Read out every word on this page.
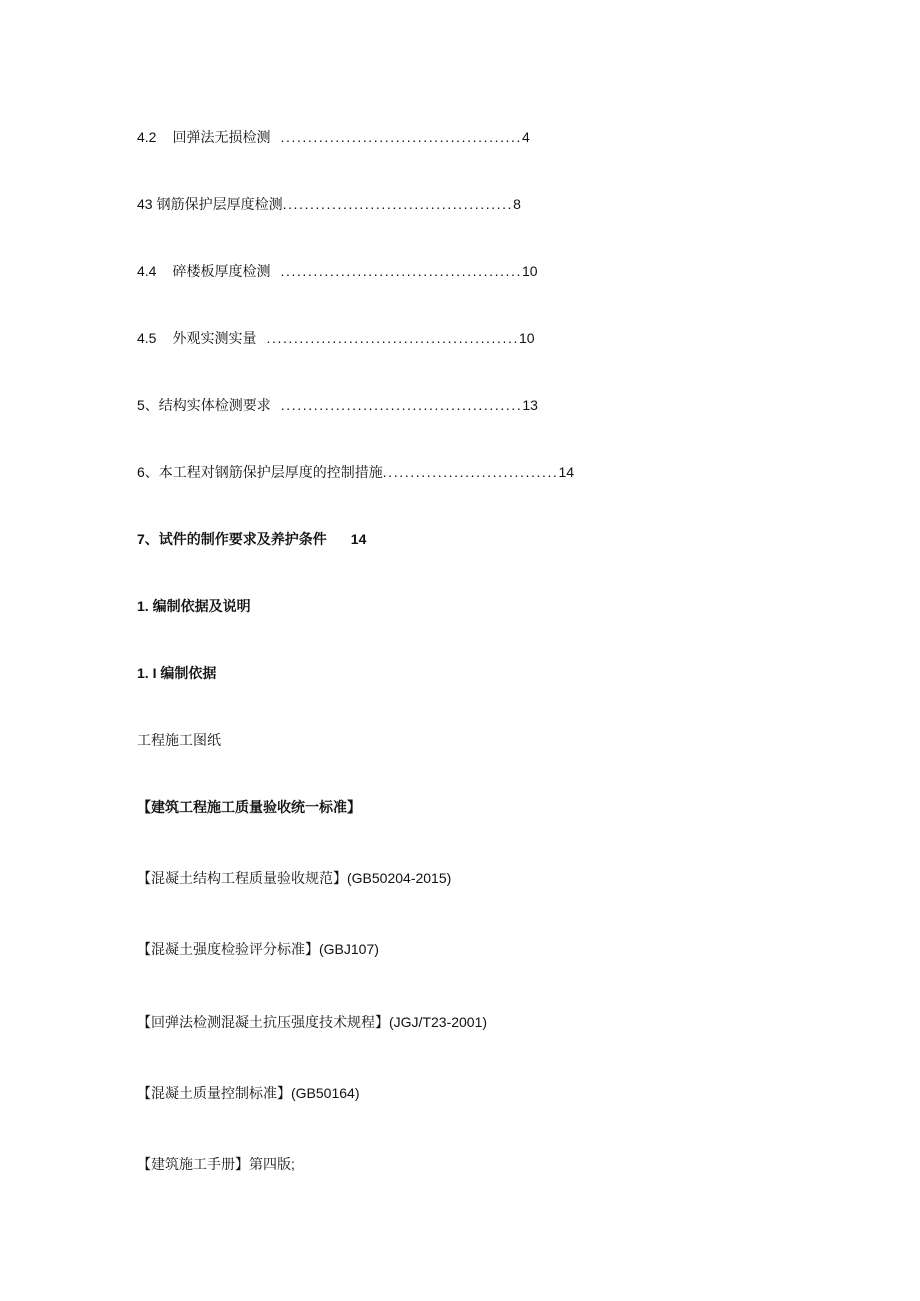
4.2 回弹法无损检测 ............................................4
43 钢筋保护层厚度检测..........................................8
4.4 碎楼板厚度检测 ............................................10
4.5 外观实测实量 ..............................................10
5、结构实体检测要求 ............................................13
6、本工程对钢筋保护层厚度的控制措施................................14
7、试件的制作要求及养护条件 14
1. 编制依据及说明
1. I 编制依据
工程施工图纸
【建筑工程施工质量验收统一标准】
【混凝土结构工程质量验收规范】(GB50204-2015)
【混凝土强度检验评分标准】(GBJ107)
【回弹法检测混凝土抗压强度技术规程】(JGJ/T23-2001)
【混凝土质量控制标准】(GB50164)
【建筑施工手册】第四版;
